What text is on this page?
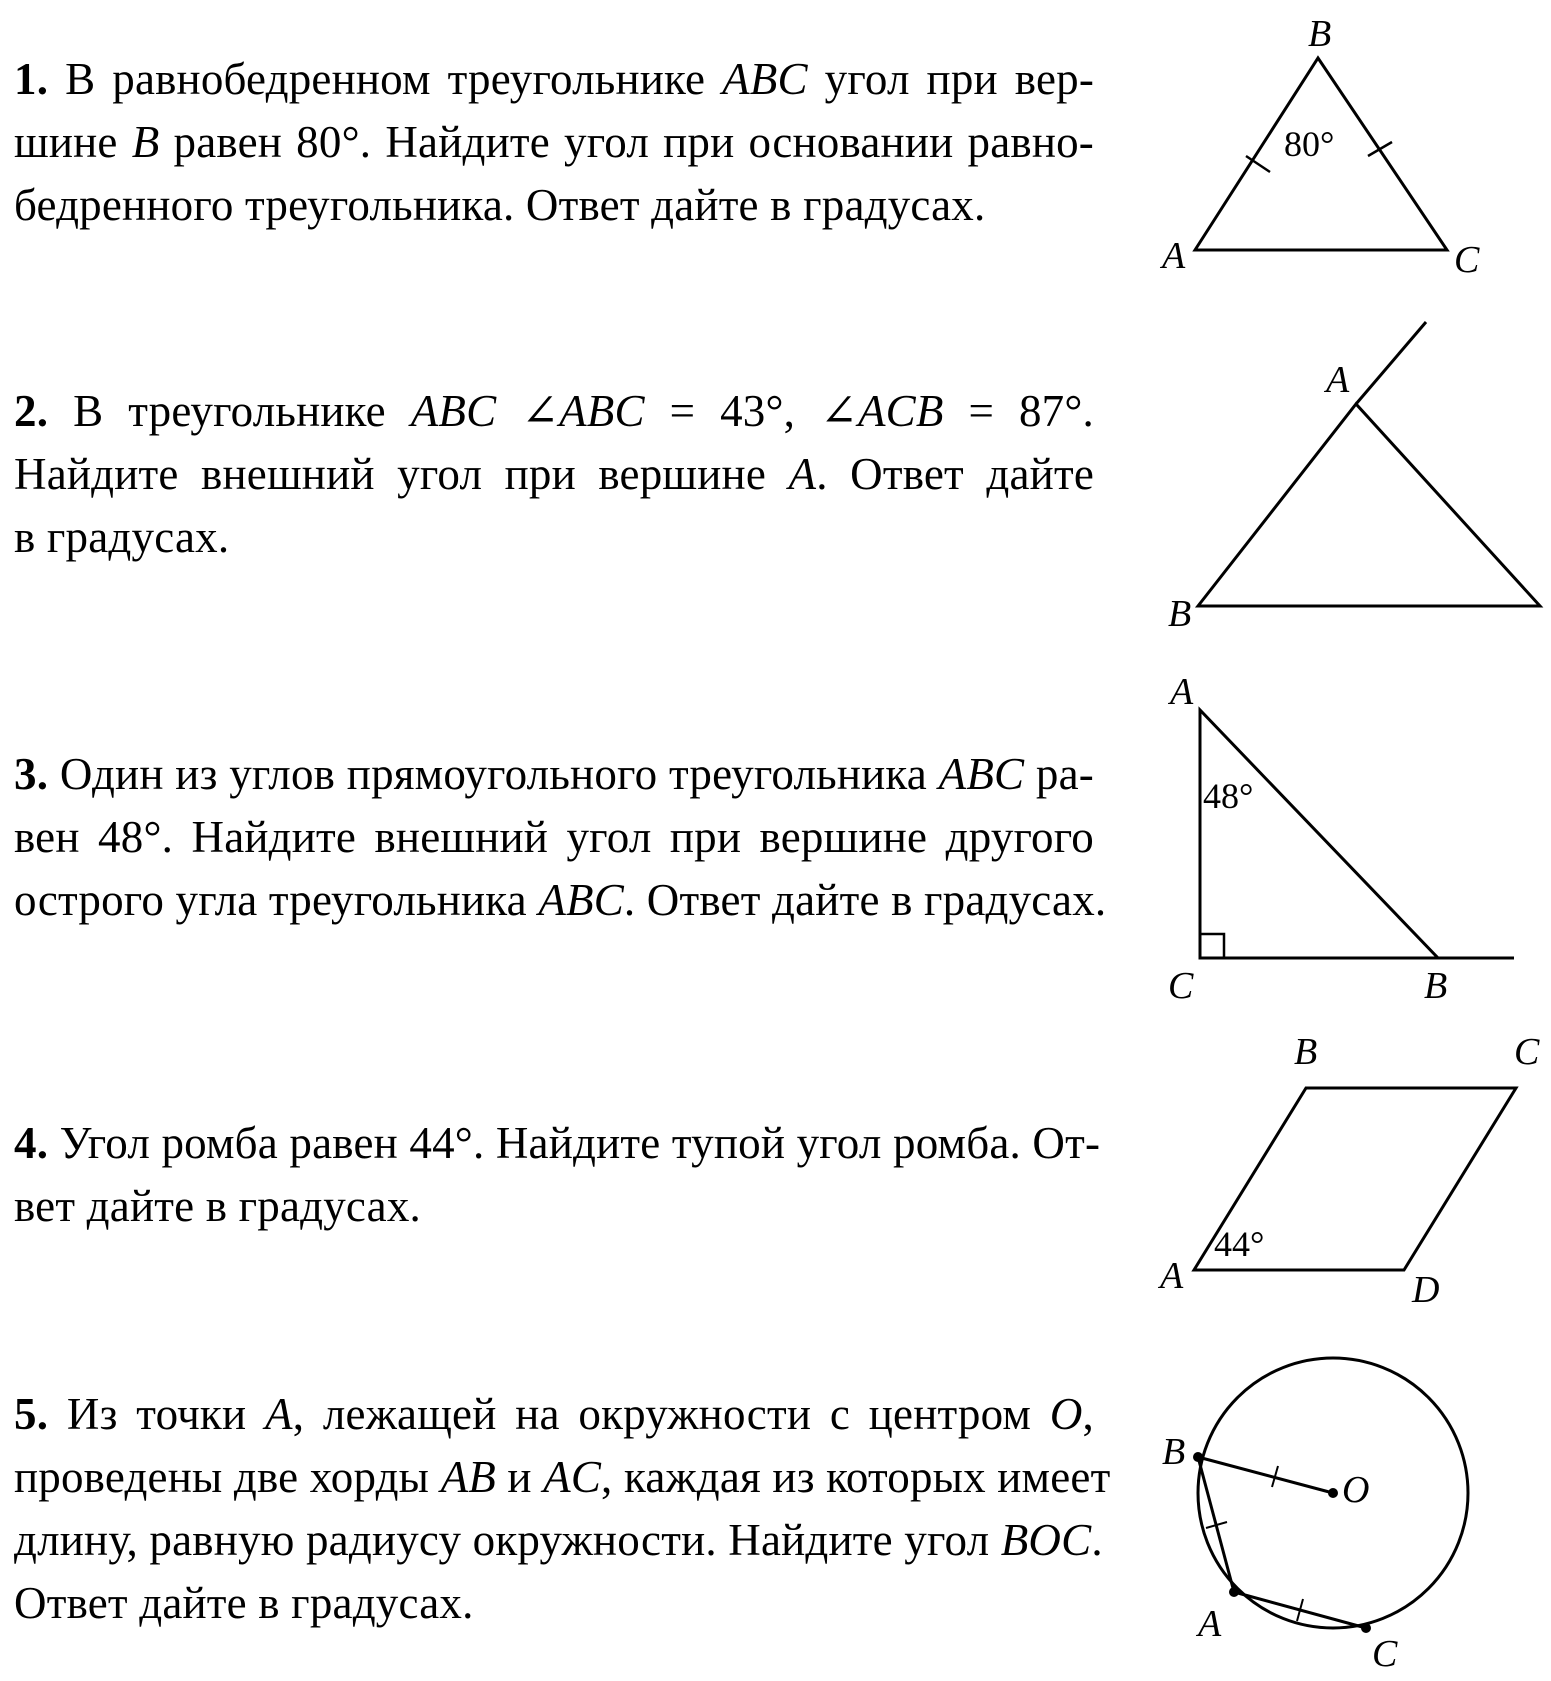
1. В равнобедренном треугольнике ABC угол при вер-
шине B равен 80°. Найдите угол при основании равно-
бедренного треугольника. Ответ дайте в градусах.
2. В треугольнике ABC ∠ABC = 43°, ∠ACB = 87°.
Найдите внешний угол при вершине A. Ответ дайте
в градусах.
3. Один из углов прямоугольного треугольника ABC ра-
вен 48°. Найдите внешний угол при вершине другого
острого угла треугольника ABC. Ответ дайте в градусах.
4. Угол ромба равен 44°. Найдите тупой угол ромба. От-
вет дайте в градусах.
5. Из точки A, лежащей на окружности с центром O,
проведены две хорды AB и AC, каждая из которых имеет
длину, равную радиусу окружности. Найдите угол BOC.
Ответ дайте в градусах.
B
A	C
80°
A
B
A
C	B
48°
B	C
A	D
44°
B
O
A
C
